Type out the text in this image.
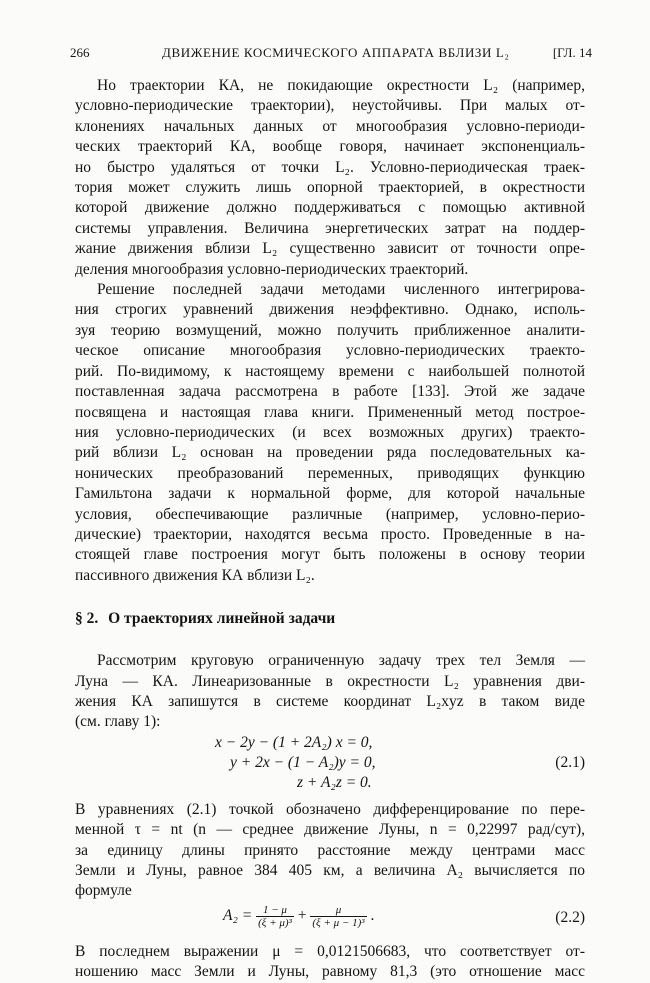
266	ДВИЖЕНИЕ КОСМИЧЕСКОГО АППАРАТА ВБЛИЗИ L₂	[ГЛ. 14
Но траектории КА, не покидающие окрестности L₂ (например,
условно-периодические траектории), неустойчивы. При малых от-
клонениях начальных данных от многообразия условно-периоди-
ческих траекторий КА, вообще говоря, начинает экспоненциаль-
но быстро удаляться от точки L₂. Условно-периодическая траек-
тория может служить лишь опорной траекторией, в окрестности
которой движение должно поддерживаться с помощью активной
системы управления. Величина энергетических затрат на поддер-
жание движения вблизи L₂ существенно зависит от точности опре-
деления многообразия условно-периодических траекторий.
Решение последней задачи методами численного интегрирова-
ния строгих уравнений движения неэффективно. Однако, исполь-
зуя теорию возмущений, можно получить приближенное аналити-
ческое описание многообразия условно-периодических траекто-
рий. По-видимому, к настоящему времени с наибольшей полнотой
поставленная задача рассмотрена в работе [133]. Этой же задаче
посвящена и настоящая глава книги. Примененный метод построе-
ния условно-периодических (и всех возможных других) траекто-
рий вблизи L₂ основан на проведении ряда последовательных ка-
нонических преобразований переменных, приводящих функцию
Гамильтона задачи к нормальной форме, для которой начальные
условия, обеспечивающие различные (например, условно-перио-
дические) траектории, находятся весьма просто. Проведенные в на-
стоящей главе построения могут быть положены в основу теории
пассивного движения КА вблизи L₂.
§ 2. О траекториях линейной задачи
Рассмотрим круговую ограниченную задачу трех тел Земля —
Луна — КА. Линеаризованные в окрестности L₂ уравнения дви-
жения КА запишутся в системе координат L₂xyz в таком виде
(см. главу 1):
x − 2y − (1 + 2A₂) x = 0,
y + 2x − (1 − A₂)y = 0,
z + A₂z = 0.
(2.1)
В уравнениях (2.1) точкой обозначено дифференцирование по пере-
менной τ = nt (n — среднее движение Луны, n = 0,22997 рад/сут),
за единицу длины принято расстояние между центрами масс
Земли и Луны, равное 384 405 км, а величина A₂ вычисляется по
формуле
$A_2 = \frac{1 - \mu}{\text{(ξ + μ)³}} + \frac{\mu}{\text{(ξ + μ − 1)³}}$ .	(2.2)
В последнем выражении μ = 0,0121506683, что соответствует от-
ношению масс Земли и Луны, равному 81,3 (это отношение масс
